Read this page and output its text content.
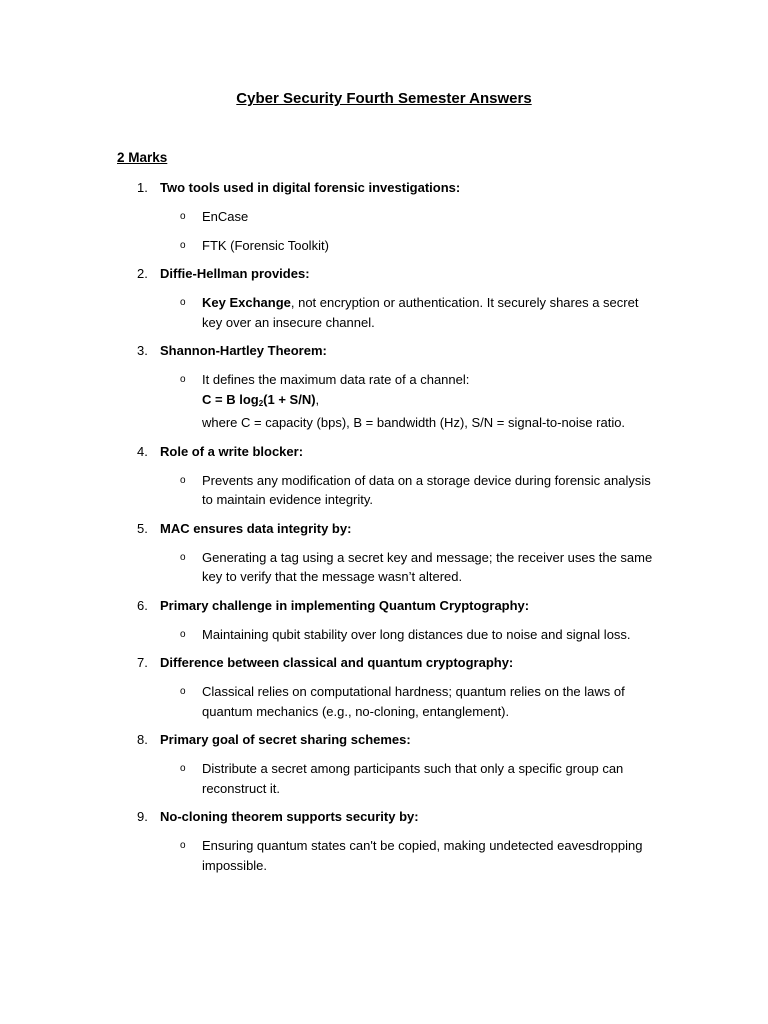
Cyber Security Fourth Semester Answers
2 Marks
1. Two tools used in digital forensic investigations:
o EnCase
o FTK (Forensic Toolkit)
2. Diffie-Hellman provides:
o Key Exchange, not encryption or authentication. It securely shares a secret key over an insecure channel.
3. Shannon-Hartley Theorem:
o It defines the maximum data rate of a channel:
C = B $\log_2(1 + S/N)$,
where C = capacity (bps), B = bandwidth (Hz), S/N = signal-to-noise ratio.
4. Role of a write blocker:
o Prevents any modification of data on a storage device during forensic analysis to maintain evidence integrity.
5. MAC ensures data integrity by:
o Generating a tag using a secret key and message; the receiver uses the same key to verify that the message wasn’t altered.
6. Primary challenge in implementing Quantum Cryptography:
o Maintaining qubit stability over long distances due to noise and signal loss.
7. Difference between classical and quantum cryptography:
o Classical relies on computational hardness; quantum relies on the laws of quantum mechanics (e.g., no-cloning, entanglement).
8. Primary goal of secret sharing schemes:
o Distribute a secret among participants such that only a specific group can reconstruct it.
9. No-cloning theorem supports security by:
o Ensuring quantum states can't be copied, making undetected eavesdropping impossible.
